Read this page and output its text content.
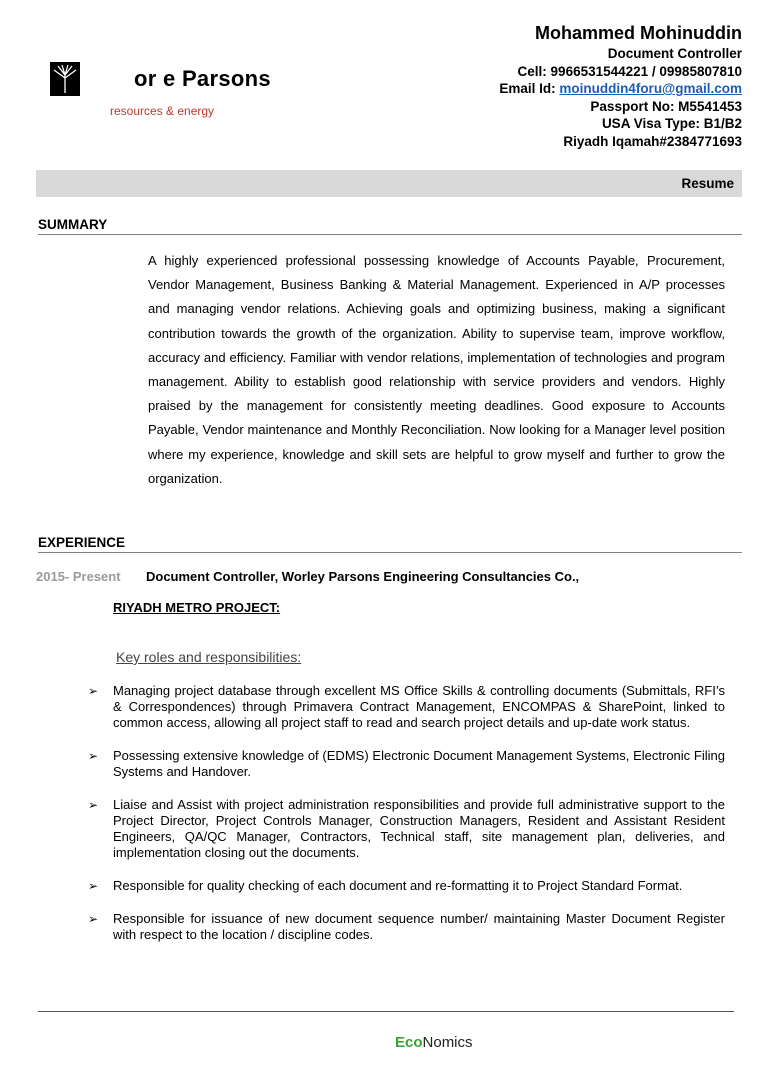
or e Parsons
resources & energy
Mohammed Mohinuddin
Document Controller
Cell: 9966531544221 / 09985807810
Email Id: moinuddin4foru@gmail.com
Passport No: M5541453
USA Visa Type: B1/B2
Riyadh Iqamah#2384771693
Resume
SUMMARY
A highly experienced professional possessing knowledge of Accounts Payable, Procurement, Vendor Management, Business Banking & Material Management. Experienced in A/P processes and managing vendor relations. Achieving goals and optimizing business, making a significant contribution towards the growth of the organization. Ability to supervise team, improve workflow, accuracy and efficiency. Familiar with vendor relations, implementation of technologies and program management. Ability to establish good relationship with service providers and vendors. Highly praised by the management for consistently meeting deadlines. Good exposure to Accounts Payable, Vendor maintenance and Monthly Reconciliation. Now looking for a Manager level position where my experience, knowledge and skill sets are helpful to grow myself and further to grow the organization.
EXPERIENCE
2015- Present Document Controller, Worley Parsons Engineering Consultancies Co.,
RIYADH METRO PROJECT:
Key roles and responsibilities:
➢ Managing project database through excellent MS Office Skills & controlling documents (Submittals, RFI’s & Correspondences) through Primavera Contract Management, ENCOMPAS & SharePoint, linked to common access, allowing all project staff to read and search project details and up-date work status.
➢ Possessing extensive knowledge of (EDMS) Electronic Document Management Systems, Electronic Filing Systems and Handover.
➢ Liaise and Assist with project administration responsibilities and provide full administrative support to the Project Director, Project Controls Manager, Construction Managers, Resident and Assistant Resident Engineers, QA/QC Manager, Contractors, Technical staff, site management plan, deliveries, and implementation closing out the documents.
➢ Responsible for quality checking of each document and re-formatting it to Project Standard Format.
➢ Responsible for issuance of new document sequence number/ maintaining Master Document Register with respect to the location / discipline codes.
EcoNomics
